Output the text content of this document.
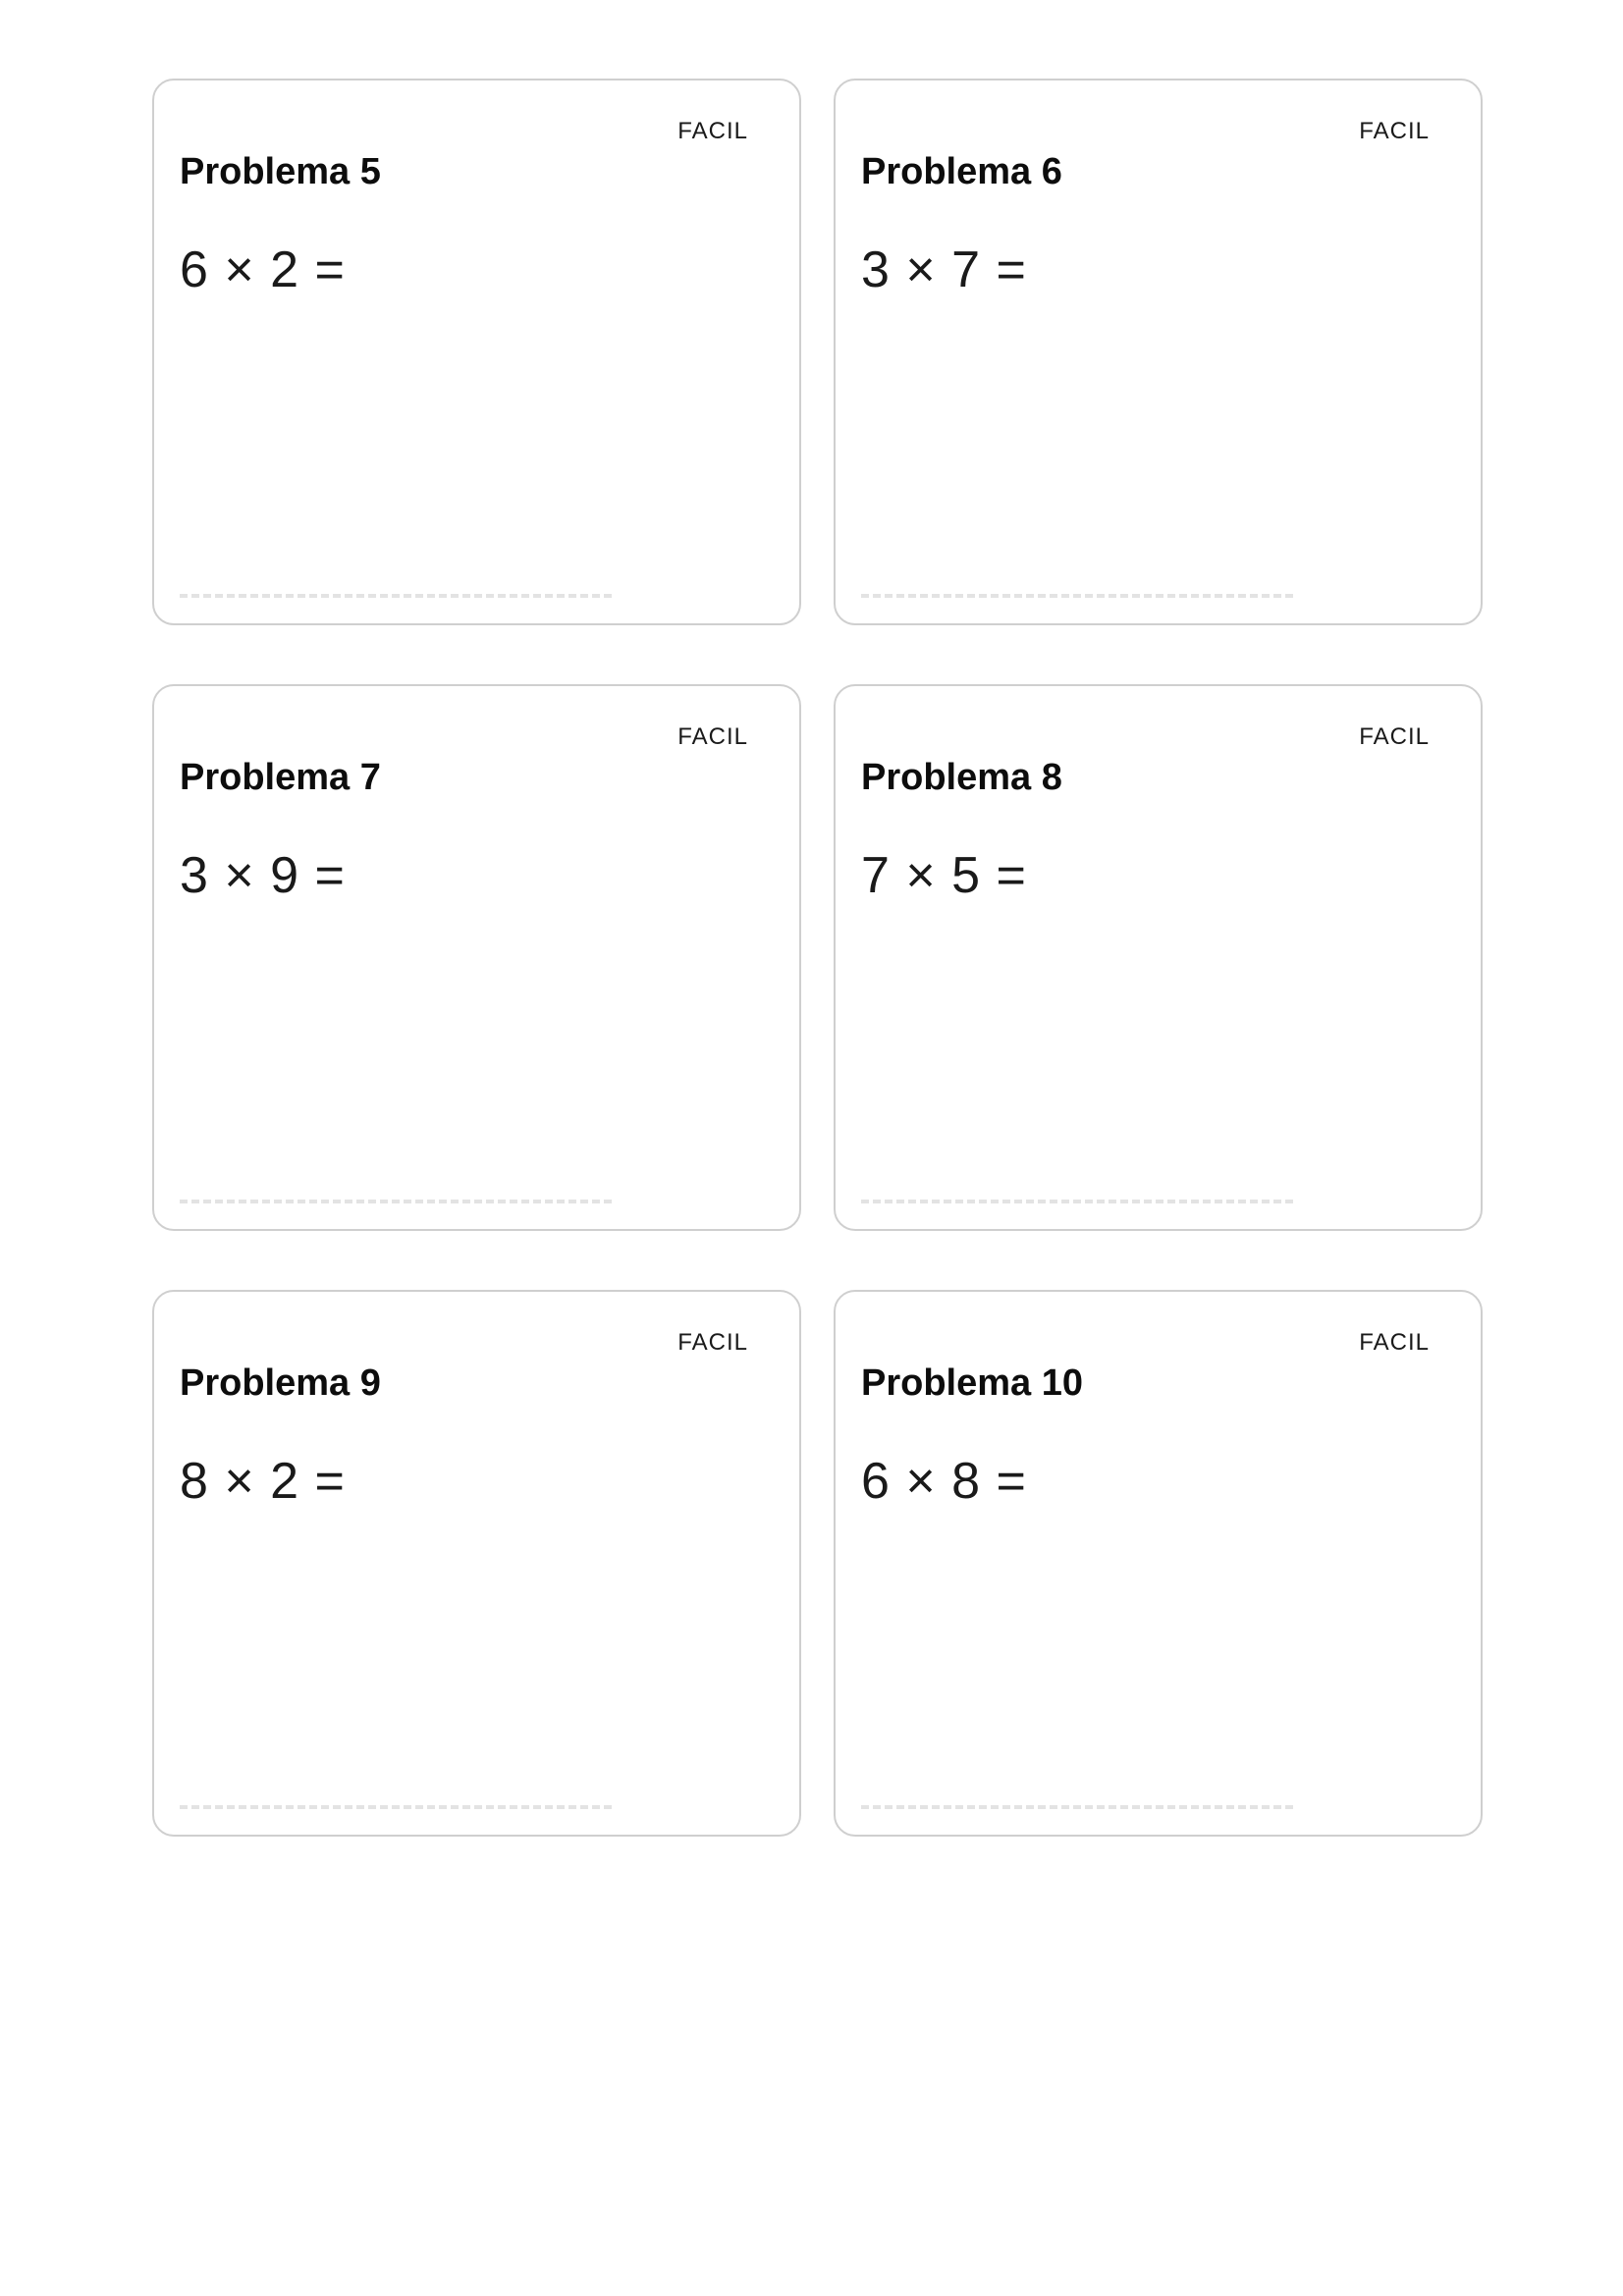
FACIL
Problema 5
6 × 2 =
FACIL
Problema 6
3 × 7 =
FACIL
Problema 7
3 × 9 =
FACIL
Problema 8
7 × 5 =
FACIL
Problema 9
8 × 2 =
FACIL
Problema 10
6 × 8 =
